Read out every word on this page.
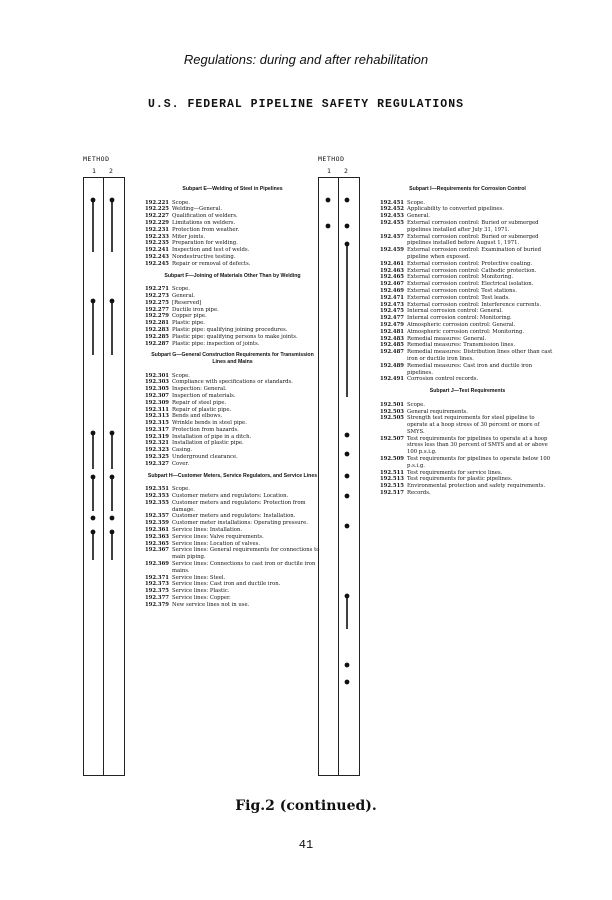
Regulations: during and after rehabilitation
U.S. FEDERAL PIPELINE SAFETY REGULATIONS
METHOD
1 2
Subpart E—Welding of Steel in Pipelines
192.221 Scope.
192.225 Welding—General.
192.227 Qualification of welders.
192.229 Limitations on welders.
192.231 Protection from weather.
192.233 Miter joints.
192.235 Preparation for welding.
192.241 Inspection and test of welds.
192.243 Nondestructive testing.
192.245 Repair or removal of defects.
Subpart F—Joining of Materials Other Than by Welding
192.271 Scope.
192.273 General.
192.275 [Reserved]
192.277 Ductile iron pipe.
192.279 Copper pipe.
192.281 Plastic pipe.
192.283 Plastic pipe: qualifying joining procedures.
192.285 Plastic pipe: qualifying persons to make joints.
192.287 Plastic pipe: inspection of joints.
Subpart G—General Construction Requirements for Transmission Lines and Mains
192.301 Scope.
192.303 Compliance with specifications or standards.
192.305 Inspection: General.
192.307 Inspection of materials.
192.309 Repair of steel pipe.
192.311 Repair of plastic pipe.
192.313 Bends and elbows.
192.315 Wrinkle bends in steel pipe.
192.317 Protection from hazards.
192.319 Installation of pipe in a ditch.
192.321 Installation of plastic pipe.
192.323 Casing.
192.325 Underground clearance.
192.327 Cover.
Subpart H—Customer Meters, Service Regulators, and Service Lines
192.351 Scope.
192.353 Customer meters and regulators: Location.
192.355 Customer meters and regulators: Protection from damage.
192.357 Customer meters and regulators: Installation.
192.359 Customer meter installations: Operating pressure.
192.361 Service lines: Installation.
192.363 Service lines: Valve requirements.
192.365 Service lines: Location of valves.
192.367 Service lines: General requirements for connections to main piping.
192.369 Service lines: Connections to cast iron or ductile iron mains.
192.371 Service lines: Steel.
192.373 Service lines: Cast iron and ductile iron.
192.375 Service lines: Plastic.
192.377 Service lines: Copper.
192.379 New service lines not in use.
METHOD
1 2
Subpart I—Requirements for Corrosion Control
192.451 Scope.
192.452 Applicability to converted pipelines.
192.453 General.
192.455 External corrosion control: Buried or submerged pipelines installed after July 31, 1971.
192.457 External corrosion control: Buried or submerged pipelines installed before August 1, 1971.
192.459 External corrosion control: Examination of buried pipeline when exposed.
192.461 External corrosion control: Protective coating.
192.463 External corrosion control: Cathodic protection.
192.465 External corrosion control: Monitoring.
192.467 External corrosion control: Electrical isolation.
192.469 External corrosion control: Test stations.
192.471 External corrosion control: Test leads.
192.473 External corrosion control: Interference currents.
192.475 Internal corrosion control: General.
192.477 Internal corrosion control: Monitoring.
192.479 Atmospheric corrosion control: General.
192.481 Atmospheric corrosion control: Monitoring.
192.483 Remedial measures: General.
192.485 Remedial measures: Transmission lines.
192.487 Remedial measures: Distribution lines other than cast iron or ductile iron lines.
192.489 Remedial measures: Cast iron and ductile iron pipelines.
192.491 Corrosion control records.
Subpart J—Test Requirements
192.501 Scope.
192.503 General requirements.
192.505 Strength test requirements for steel pipeline to operate at a hoop stress of 30 percent or more of SMYS.
192.507 Test requirements for pipelines to operate at a hoop stress less than 30 percent of SMYS and at or above 100 p.s.i.g.
192.509 Test requirements for pipelines to operate below 100 p.s.i.g.
192.511 Test requirements for service lines.
192.513 Test requirements for plastic pipelines.
192.515 Environmental protection and safety requirements.
192.517 Records.
Fig.2 (continued).
41
